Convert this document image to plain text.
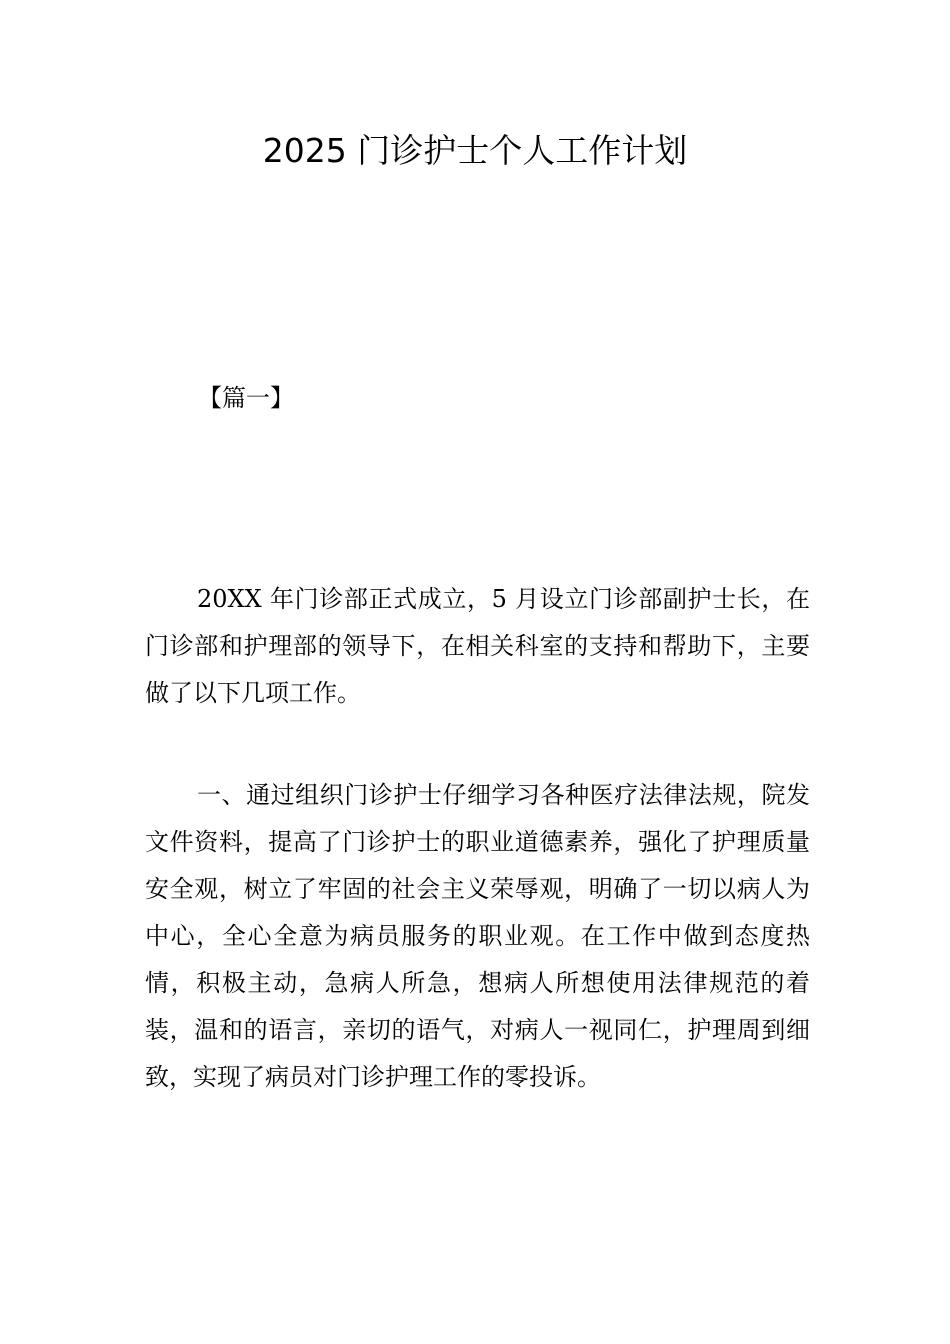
2025 门诊护士个人工作计划
【篇一】

20XX 年门诊部正式成立，5 月设立门诊部副护士长，在门诊部和护理部的领导下，在相关科室的支持和帮助下，主要做了以下几项工作。

一、通过组织门诊护士仔细学习各种医疗法律法规，院发文件资料，提高了门诊护士的职业道德素养，强化了护理质量安全观，树立了牢固的社会主义荣辱观，明确了一切以病人为中心，全心全意为病员服务的职业观。在工作中做到态度热情，积极主动，急病人所急，想病人所想使用法律规范的着装，温和的语言，亲切的语气，对病人一视同仁，护理周到细致，实现了病员对门诊护理工作的零投诉。
